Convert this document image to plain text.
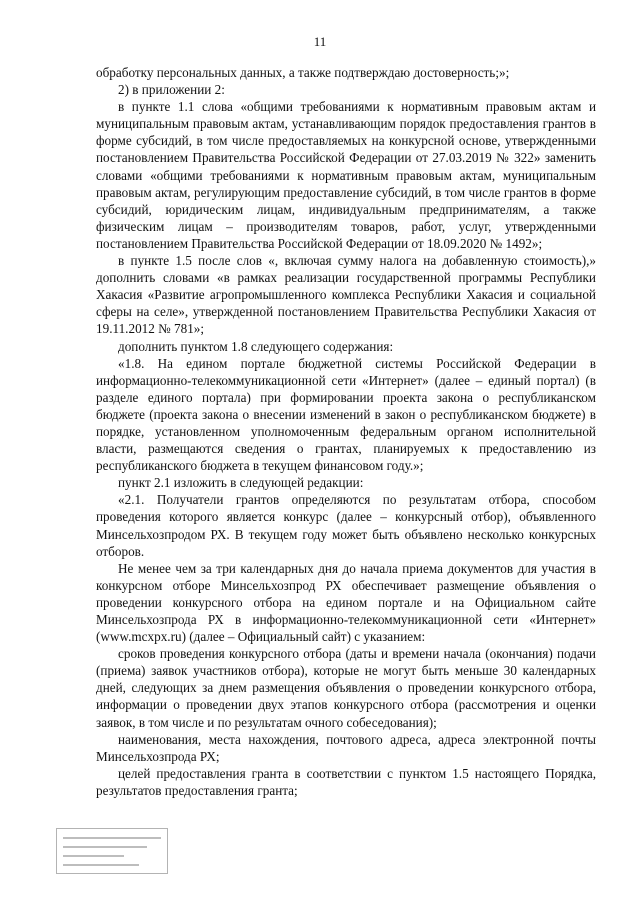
11

обработку персональных данных, а также подтверждаю достоверность;»;

2) в приложении 2:

в пункте 1.1 слова «общими требованиями к нормативным правовым актам и муниципальным правовым актам, устанавливающим порядок предоставления грантов в форме субсидий, в том числе предоставляемых на конкурсной основе, утвержденными постановлением Правительства Российской Федерации от 27.03.2019 № 322» заменить словами «общими требованиями к нормативным правовым актам, муниципальным правовым актам, регулирующим предоставление субсидий, в том числе грантов в форме субсидий, юридическим лицам, индивидуальным предпринимателям, а также физическим лицам – производителям товаров, работ, услуг, утвержденными постановлением Правительства Российской Федерации от 18.09.2020 № 1492»;

в пункте 1.5 после слов «, включая сумму налога на добавленную стоимость),» дополнить словами «в рамках реализации государственной программы Республики Хакасия «Развитие агропромышленного комплекса Республики Хакасия и социальной сферы на селе», утвержденной постановлением Правительства Республики Хакасия от 19.11.2012 № 781»;

дополнить пунктом 1.8 следующего содержания:

«1.8. На едином портале бюджетной системы Российской Федерации в информационно-телекоммуникационной сети «Интернет» (далее – единый портал) (в разделе единого портала) при формировании проекта закона о республиканском бюджете (проекта закона о внесении изменений в закон о республиканском бюджете) в порядке, установленном уполномоченным федеральным органом исполнительной власти, размещаются сведения о грантах, планируемых к предоставлению из республиканского бюджета в текущем финансовом году.»;

пункт 2.1 изложить в следующей редакции:

«2.1. Получатели грантов определяются по результатам отбора, способом проведения которого является конкурс (далее – конкурсный отбор), объявленного Минсельхозпродом РХ. В текущем году может быть объявлено несколько конкурсных отборов.

Не менее чем за три календарных дня до начала приема документов для участия в конкурсном отборе Минсельхозпрод РХ обеспечивает размещение объявления о проведении конкурсного отбора на едином портале и на Официальном сайте Минсельхозпрода РХ в информационно-телекоммуникационной сети «Интернет» (www.mcxpx.ru) (далее – Официальный сайт) с указанием:

сроков проведения конкурсного отбора (даты и времени начала (окончания) подачи (приема) заявок участников отбора), которые не могут быть меньше 30 календарных дней, следующих за днем размещения объявления о проведении конкурсного отбора, информации о проведении двух этапов конкурсного отбора (рассмотрения и оценки заявок, в том числе и по результатам очного собеседования);

наименования, места нахождения, почтового адреса, адреса электронной почты Минсельхозпрода РХ;

целей предоставления гранта в соответствии с пунктом 1.5 настоящего Порядка, результатов предоставления гранта;
